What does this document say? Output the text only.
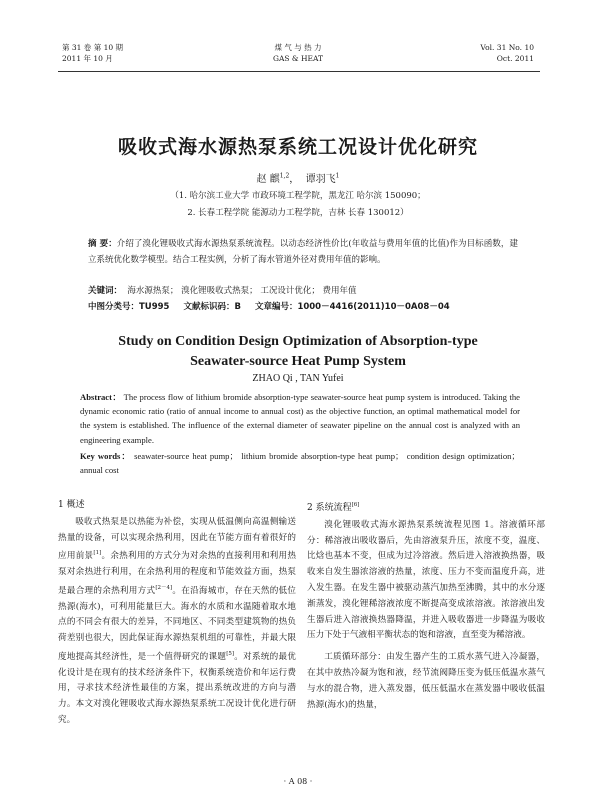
第 31 卷 第 10 期
2011 年 10 月
煤 气 与 热 力
GAS & HEAT
Vol. 31 No. 10
Oct. 2011
吸收式海水源热泵系统工况设计优化研究
赵 麒$^{1,2}$， 谭羽飞$^1$
（1. 哈尔滨工业大学 市政环境工程学院，黑龙江 哈尔滨 150090；
2. 长春工程学院 能源动力工程学院，吉林 长春 130012）
摘 要：介绍了溴化锂吸收式海水源热泵系统流程。以动态经济性价比(年收益与费用年值的比值)作为目标函数，建立系统优化数学模型。结合工程实例，分析了海水管道外径对费用年值的影响。
关键词： 海水源热泵； 溴化锂吸收式热泵； 工况设计优化； 费用年值
中图分类号：TU995 文献标识码：B 文章编号：1000－4416(2011)10－0A08－04
Study on Condition Design Optimization of Absorption-type
Seawater-source Heat Pump System
ZHAO Qi , TAN Yufei
Abstract： The process flow of lithium bromide absorption-type seawater-source heat pump system is introduced. Taking the dynamic economic ratio (ratio of annual income to annual cost) as the objective function, an optimal mathematical model for the system is established. The influence of the external diameter of seawater pipeline on the annual cost is analyzed with an engineering example.
Key words： seawater-source heat pump； lithium bromide absorption-type heat pump； condition design optimization； annual cost
1 概述

吸收式热泵是以热能为补偿，实现从低温侧向高温侧输送热量的设备，可以实现余热利用，因此在节能方面有着很好的应用前景[1]。余热利用的方式分为对余热的直接利用和利用热泵对余热进行利用，在余热利用的程度和节能效益方面，热泵是最合理的余热利用方式[2－4]。在沿海城市，存在天然的低位热源(海水)，可利用能量巨大。海水的水质和水温随着取水地点的不同会有很大的差异，不同地区、不同类型建筑物的热负荷差别也很大，因此保证海水源热泵机组的可靠性，并最大限度地提高其经济性，是一个值得研究的课题[5]。对系统的最优化设计是在现有的技术经济条件下，权衡系统造价和年运行费用，寻求技术经济性最佳的方案，提出系统改进的方向与潜力。本文对溴化锂吸收式海水源热泵系统工况设计优化进行研究。

2 系统流程[6]

溴化锂吸收式海水源热泵系统流程见图 1。溶液循环部分：稀溶液出吸收器后，先由溶液泵升压，浓度不变，温度、比焓也基本不变，但成为过冷溶液。然后进入溶液换热器，吸收来自发生器浓溶液的热量，浓度、压力不变而温度升高，进入发生器。在发生器中被驱动蒸汽加热至沸腾，其中的水分逐渐蒸发，溴化锂稀溶液浓度不断提高变成浓溶液。浓溶液出发生器后进入溶液换热器降温，并进入吸收器进一步降温为吸收压力下处于气液相平衡状态的饱和溶液，直至变为稀溶液。

工质循环部分：由发生器产生的工质水蒸气进入冷凝器，在其中放热冷凝为饱和液，经节流阀降压变为低压低温水蒸气与水的混合物，进入蒸发器，低压低温水在蒸发器中吸收低温热源(海水)的热量，

· A 08 ·
